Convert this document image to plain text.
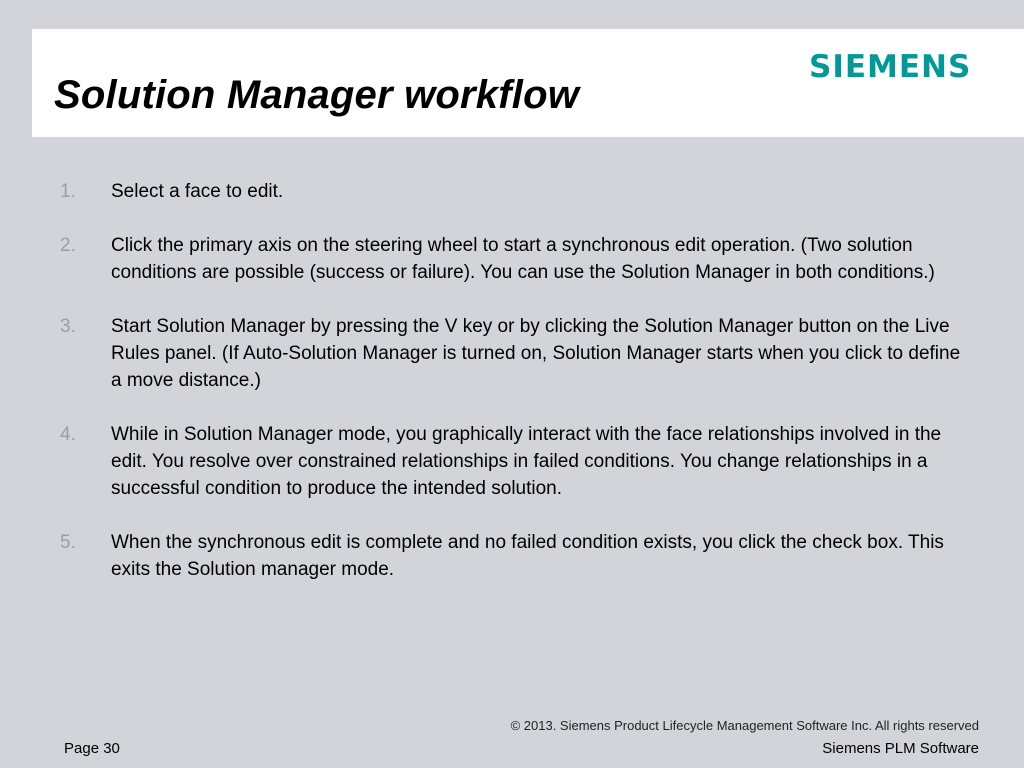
Solution Manager workflow
SIEMENS
1. Select a face to edit.
2. Click the primary axis on the steering wheel to start a synchronous edit operation. (Two solution conditions are possible (success or failure). You can use the Solution Manager in both conditions.)
3. Start Solution Manager by pressing the V key or by clicking the Solution Manager button on the Live Rules panel. (If Auto-Solution Manager is turned on, Solution Manager starts when you click to define a move distance.)
4. While in Solution Manager mode, you graphically interact with the face relationships involved in the edit. You resolve over constrained relationships in failed conditions. You change relationships in a successful condition to produce the intended solution.
5. When the synchronous edit is complete and no failed condition exists, you click the check box. This exits the Solution manager mode.
© 2013. Siemens Product Lifecycle Management Software Inc. All rights reserved
Page 30	Siemens PLM Software
